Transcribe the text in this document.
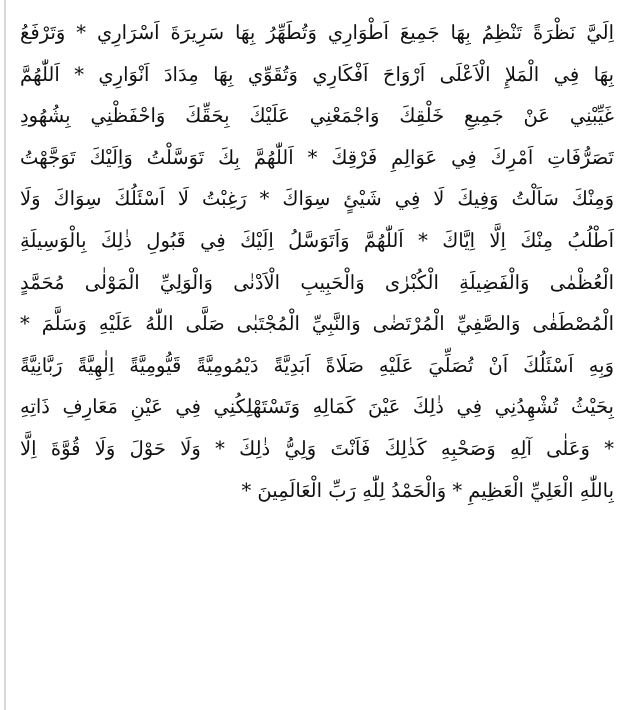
اِلَيَّ نَظْرَةً تَنْظِمُ بِهَا جَمِيعَ اَطْوَارِي وَتُطَهِّرُ بِهَا سَرِيرَةَ اَسْرَارِي * وَتَرْفَعُ
بِهَا فِي الْمَلإِ الْاَعْلَى اَرْوَاحَ اَفْكَارِي وَتُقَوِّي بِهَا مِدَادَ اَنْوَارِي * اَللّٰهُمَّ
غَيِّبْنِي عَنْ جَمِيعِ خَلْقِكَ وَاجْمَعْنِي عَلَيْكَ بِحَقِّكَ وَاحْفَظْنِي بِشُهُودِ
تَصَرُّفَاتِ اَمْرِكَ فِي عَوَالِمِ فَرْقِكَ * اَللّٰهُمَّ بِكَ تَوَسَّلْتُ وَاِلَيْكَ تَوَجَّهْتُ
وَمِنْكَ سَاَلْتُ وَفِيكَ لَا فِي شَيْئٍ سِوَاكَ * رَغِبْتُ لَا اَسْئَلُكَ سِوَاكَ وَلَا
اَطْلُبُ مِنْكَ اِلَّا اِيَّاكَ * اَللّٰهُمَّ وَاَتَوَسَّلُ اِلَيْكَ فِي قَبُولِ ذٰلِكَ بِالْوَسِيلَةِ
الْعُظْمٰى وَالْفَضِيلَةِ الْكُبْرٰى وَالْحَبِيبِ الْاَدْنٰى وَالْوَلِيِّ الْمَوْلٰى مُحَمَّدٍ
الْمُصْطَفٰى وَالصَّفِيِّ الْمُرْتَضٰى وَالنَّبِيِّ الْمُجْتَبٰى صَلَّى اللّٰهُ عَلَيْهِ وَسَلَّمَ *
وَبِهِ اَسْئَلُكَ اَنْ تُصَلِّيَ عَلَيْهِ صَلَاةً اَبَدِيَّةً دَيْمُومِيَّةً قَيُّومِيَّةً اِلٰهِيَّةً رَبَّانِيَّةً
بِحَيْثُ تُشْهِدُنِي فِي ذٰلِكَ عَيْنَ كَمَالِهِ وَتَسْتَهْلِكُنِي فِي عَيْنِ مَعَارِفِ ذَاتِهِ
* وَعَلٰى آلِهِ وَصَحْبِهِ كَذٰلِكَ فَاَنْتَ وَلِيُّ ذٰلِكَ * وَلَا حَوْلَ وَلَا قُوَّةَ اِلَّا
بِاللّٰهِ الْعَلِيِّ الْعَظِيمِ * وَالْحَمْدُ لِلّٰهِ رَبِّ الْعَالَمِينَ *
